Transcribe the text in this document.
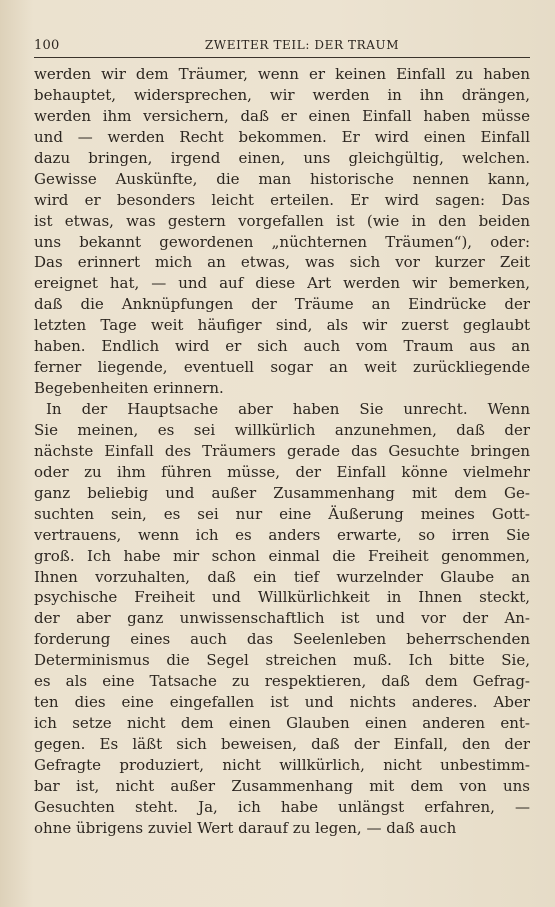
100	ZWEITER TEIL: DER TRAUM
werden wir dem Träumer, wenn er keinen Einfall zu haben
behauptet, widersprechen, wir werden in ihn drängen,
werden ihm versichern, daß er einen Einfall haben müsse
und — werden Recht bekommen. Er wird einen Einfall
dazu bringen, irgend einen, uns gleichgültig, welchen.
Gewisse Auskünfte, die man historische nennen kann,
wird er besonders leicht erteilen. Er wird sagen: Das
ist etwas, was gestern vorgefallen ist (wie in den beiden
uns bekannt gewordenen „nüchternen Träumen“), oder:
Das erinnert mich an etwas, was sich vor kurzer Zeit
ereignet hat, — und auf diese Art werden wir bemerken,
daß die Anknüpfungen der Träume an Eindrücke der
letzten Tage weit häufiger sind, als wir zuerst geglaubt
haben. Endlich wird er sich auch vom Traum aus an
ferner liegende, eventuell sogar an weit zurückliegende
Begebenheiten erinnern.
In der Hauptsache aber haben Sie unrecht. Wenn
Sie meinen, es sei willkürlich anzunehmen, daß der
nächste Einfall des Träumers gerade das Gesuchte bringen
oder zu ihm führen müsse, der Einfall könne vielmehr
ganz beliebig und außer Zusammenhang mit dem Ge-
suchten sein, es sei nur eine Äußerung meines Gott-
vertrauens, wenn ich es anders erwarte, so irren Sie
groß. Ich habe mir schon einmal die Freiheit genommen,
Ihnen vorzuhalten, daß ein tief wurzelnder Glaube an
psychische Freiheit und Willkürlichkeit in Ihnen steckt,
der aber ganz unwissenschaftlich ist und vor der An-
forderung eines auch das Seelenleben beherrschenden
Determinismus die Segel streichen muß. Ich bitte Sie,
es als eine Tatsache zu respektieren, daß dem Gefrag-
ten dies eine eingefallen ist und nichts anderes. Aber
ich setze nicht dem einen Glauben einen anderen ent-
gegen. Es läßt sich beweisen, daß der Einfall, den der
Gefragte produziert, nicht willkürlich, nicht unbestimm-
bar ist, nicht außer Zusammenhang mit dem von uns
Gesuchten steht. Ja, ich habe unlängst erfahren, —
ohne übrigens zuviel Wert darauf zu legen, — daß auch
